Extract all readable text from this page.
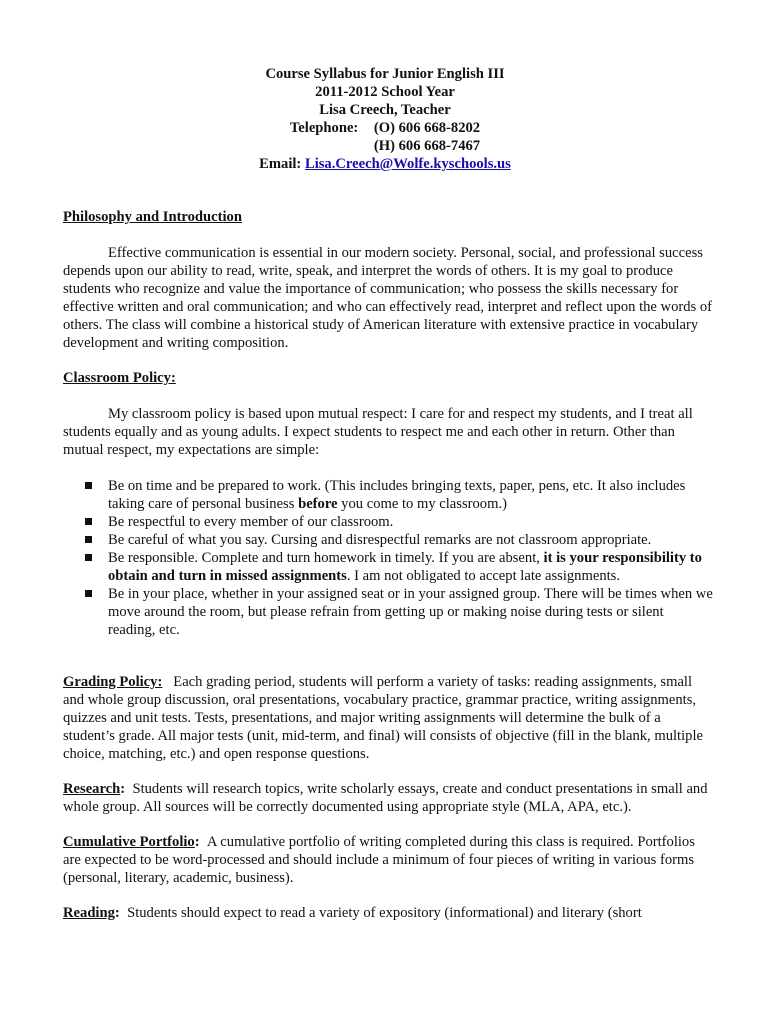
Course Syllabus for Junior English III
2011-2012 School Year
Lisa Creech, Teacher
Telephone: (O) 606 668-8202
(H) 606 668-7467
Email: Lisa.Creech@Wolfe.kyschools.us

Philosophy and Introduction

Effective communication is essential in our modern society. Personal, social, and professional success depends upon our ability to read, write, speak, and interpret the words of others. It is my goal to produce students who recognize and value the importance of communication; who possess the skills necessary for effective written and oral communication; and who can effectively read, interpret and reflect upon the words of others. The class will combine a historical study of American literature with extensive practice in vocabulary development and writing composition.

Classroom Policy:

My classroom policy is based upon mutual respect: I care for and respect my students, and I treat all students equally and as young adults. I expect students to respect me and each other in return. Other than mutual respect, my expectations are simple:

Be on time and be prepared to work. (This includes bringing texts, paper, pens, etc. It also includes taking care of personal business before you come to my classroom.)
Be respectful to every member of our classroom.
Be careful of what you say. Cursing and disrespectful remarks are not classroom appropriate.
Be responsible. Complete and turn homework in timely. If you are absent, it is your responsibility to obtain and turn in missed assignments. I am not obligated to accept late assignments.
Be in your place, whether in your assigned seat or in your assigned group. There will be times when we move around the room, but please refrain from getting up or making noise during tests or silent reading, etc.

Grading Policy: Each grading period, students will perform a variety of tasks: reading assignments, small and whole group discussion, oral presentations, vocabulary practice, grammar practice, writing assignments, quizzes and unit tests. Tests, presentations, and major writing assignments will determine the bulk of a student’s grade. All major tests (unit, mid-term, and final) will consists of objective (fill in the blank, multiple choice, matching, etc.) and open response questions.

Research: Students will research topics, write scholarly essays, create and conduct presentations in small and whole group. All sources will be correctly documented using appropriate style (MLA, APA, etc.).

Cumulative Portfolio: A cumulative portfolio of writing completed during this class is required. Portfolios are expected to be word-processed and should include a minimum of four pieces of writing in various forms (personal, literary, academic, business).

Reading: Students should expect to read a variety of expository (informational) and literary (short
